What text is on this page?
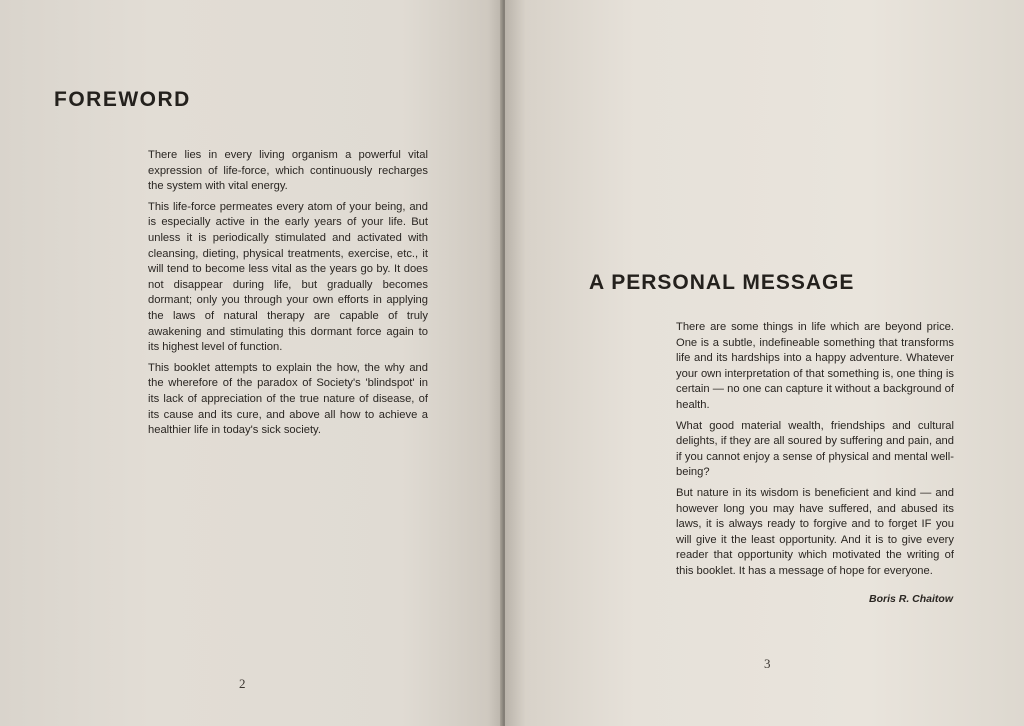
FOREWORD

There lies in every living organism a powerful vital expression of life-force, which continuously recharges the system with vital energy.

This life-force permeates every atom of your being, and is especially active in the early years of your life. But unless it is periodically stimulated and activated with cleansing, dieting, physical treatments, exercise, etc., it will tend to become less vital as the years go by. It does not disappear during life, but gradually becomes dormant; only you through your own efforts in applying the laws of natural therapy are capable of truly awakening and stimulating this dormant force again to its highest level of function.

This booklet attempts to explain the how, the why and the wherefore of the paradox of Society's 'blindspot' in its lack of appreciation of the true nature of disease, of its cause and its cure, and above all how to achieve a healthier life in today's sick society.

2
A PERSONAL MESSAGE

There are some things in life which are beyond price. One is a subtle, indefineable something that transforms life and its hardships into a happy adventure. Whatever your own interpretation of that something is, one thing is certain — no one can capture it without a background of health.

What good material wealth, friendships and cultural delights, if they are all soured by suffering and pain, and if you cannot enjoy a sense of physical and mental well-being?

But nature in its wisdom is beneficient and kind — and however long you may have suffered, and abused its laws, it is always ready to forgive and to forget IF you will give it the least opportunity. And it is to give every reader that opportunity which motivated the writing of this booklet. It has a message of hope for everyone.

Boris R. Chaitow
3
